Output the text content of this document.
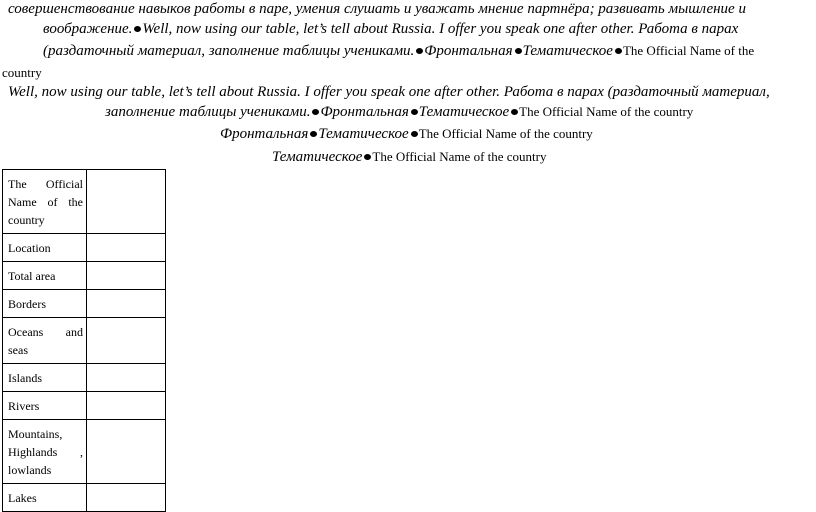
совершенствование навыков работы в паре, умения слушать и уважать мнение партнёра; развивать мышление и
воображение. Well, now using our table, let’s tell about Russia. I offer you speak one after other. Работа в парах
(раздаточный материал, заполнение таблицы учениками. Фронтальная Тематическое The Official Name of the
country
Well, now using our table, let’s tell about Russia. I offer you speak one after other. Работа в парах (раздаточный материал,
заполнение таблицы учениками. Фронтальная Тематическое The Official Name of the country
Фронтальная Тематическое The Official Name of the country
Тематическое The Official Name of the country
The Official Name of the country	
Location	
Total area	
Borders	
Oceans and seas	
Islands	
Rivers	
Mountains, Highlands , lowlands	
Lakes	
